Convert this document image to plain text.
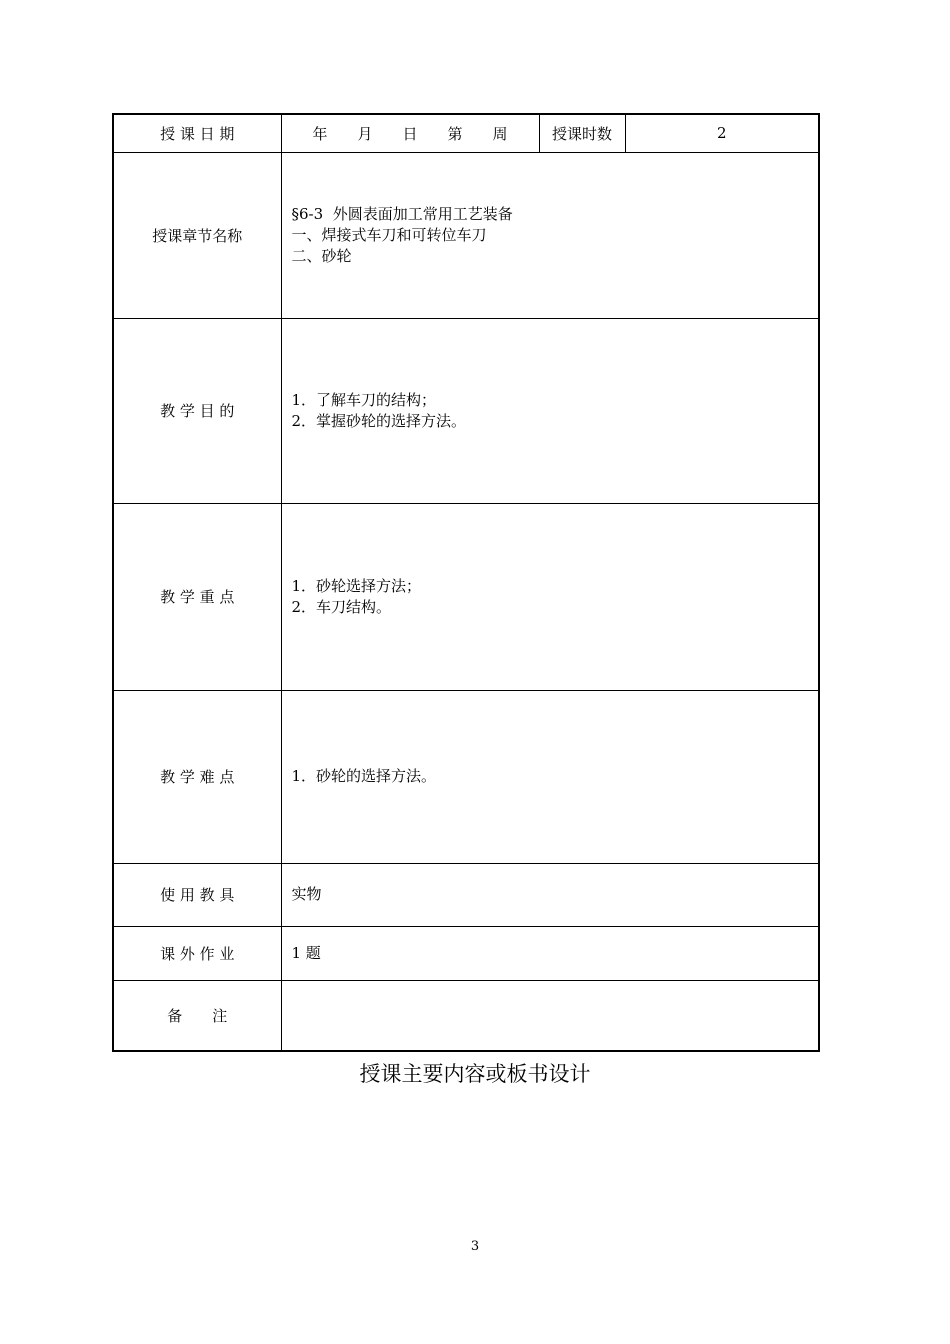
授 课 日 期	年　　月　　日　　第　　周	授课时数	2
授课章节名称	§6-3  外圆表面加工常用工艺装备
一、焊接式车刀和可转位车刀
二、砂轮		

教 学 目 的	1．了解车刀的结构；
2．掌握砂轮的选择方法。		

教 学 重 点	1．砂轮选择方法；
2．车刀结构。		

教 学 难 点	1．砂轮的选择方法。		

使 用 教 具	实物		
课 外 作 业	1 题		
备　　注			
授课主要内容或板书设计
3
